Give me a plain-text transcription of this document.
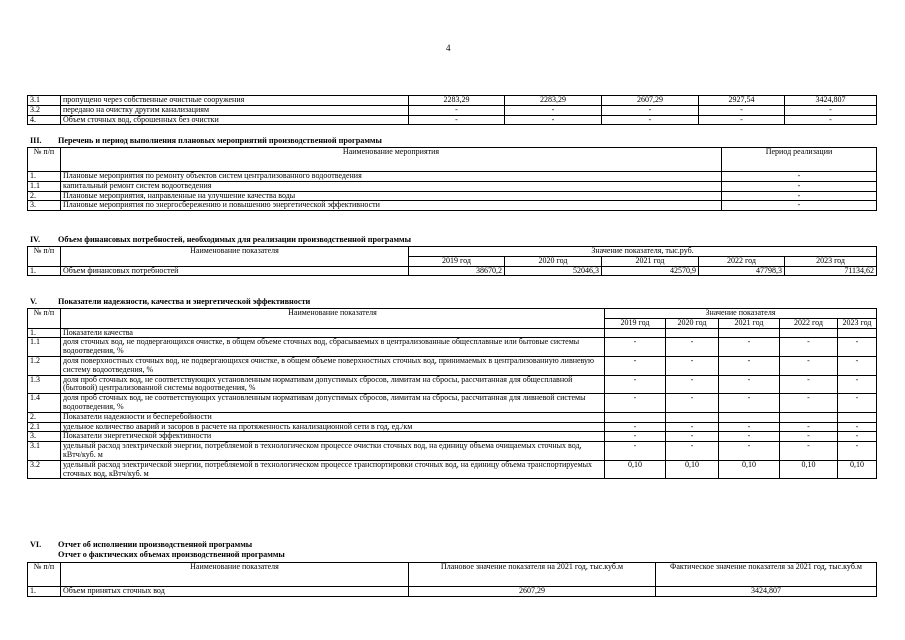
4
3.1	пропущено через собственные очистные сооружения	2283,29	2283,29	2607,29	2927,54	3424,807
3.2	передано на очистку другим канализациям	-	-	-	-	-
4.	Объем сточных вод, сброшенных без очистки	-	-	-	-	-
III. Перечень и период выполнения плановых мероприятий производственной программы
№ п/п	Наименование мероприятия	Период реализации
1.	Плановые мероприятия по ремонту объектов систем централизованного водоотведения	-
1.1	капитальный ремонт систем водоотведения	-
2.	Плановые мероприятия, направленные на улучшение качества воды	-
3.	Плановые мероприятия по энергосбережению и повышению энергетической эффективности	-
IV. Объем финансовых потребностей, необходимых для реализации производственной программы
№ п/п	Наименование показателя	Значение показателя, тыс.руб.				
		2019 год	2020 год	2021 год	2022 год	2023 год
1.	Объем финансовых потребностей	38670,2	52046,3	42570,9	47798,3	71134,62
V.	Показатели надежности, качества и энергетической эффективности
№ п/п	Наименование показателя	Значение показателя				
		2019 год	2020 год	2021 год	2022 год	2023 год
1.	Показатели качества					
1.1	доля сточных вод, не подвергающихся очистке, в общем объеме сточных вод, сбрасываемых в централизованные общесплавные или бытовые системы водоотведения, %	-	-	-	-	-
1.2	доля поверхностных сточных вод, не подвергающихся очистке, в общем объеме поверхностных сточных вод, принимаемых в централизованную ливневую систему водоотведения, %	-	-	-	-	-
1.3	доля проб сточных вод, не соответствующих установленным нормативам допустимых сбросов, лимитам на сбросы, рассчитанная для общесплавной (бытовой) централизованной системы водоотведения, %	-	-	-	-	-
1.4	доля проб сточных вод, не соответствующих установленным нормативам допустимых сбросов, лимитам на сбросы, рассчитанная для ливневой системы водоотведения, %	-	-	-	-	-
2.	Показатели надежности и бесперебойности					
2.1	удельное количество аварий и засоров в расчете на протяженность канализационной сети в год, ед./км	-	-	-	-	-
3.	Показатели энергетической эффективности	-	-	-	-	-
3.1	удельный расход электрической энергии, потребляемой в технологическом процессе очистки сточных вод, на единицу объема очищаемых сточных вод, кВтч/куб. м	-	-	-	-	-
3.2	удельный расход электрической энергии, потребляемой в технологическом процессе транспортировки сточных вод, на единицу объема транспортируемых сточных вод, кВтч/куб. м	0,10	0,10	0,10	0,10	0,10
VI. Отчет об исполнении производственной программы
Отчет о фактических объемах производственной программы
№ п/п	Наименование показателя	Плановое значение показателя на 2021 год, тыс.куб.м	Фактическое значение показателя за 2021 год, тыс.куб.м
1.	Объем принятых сточных вод	2607,29	3424,807
